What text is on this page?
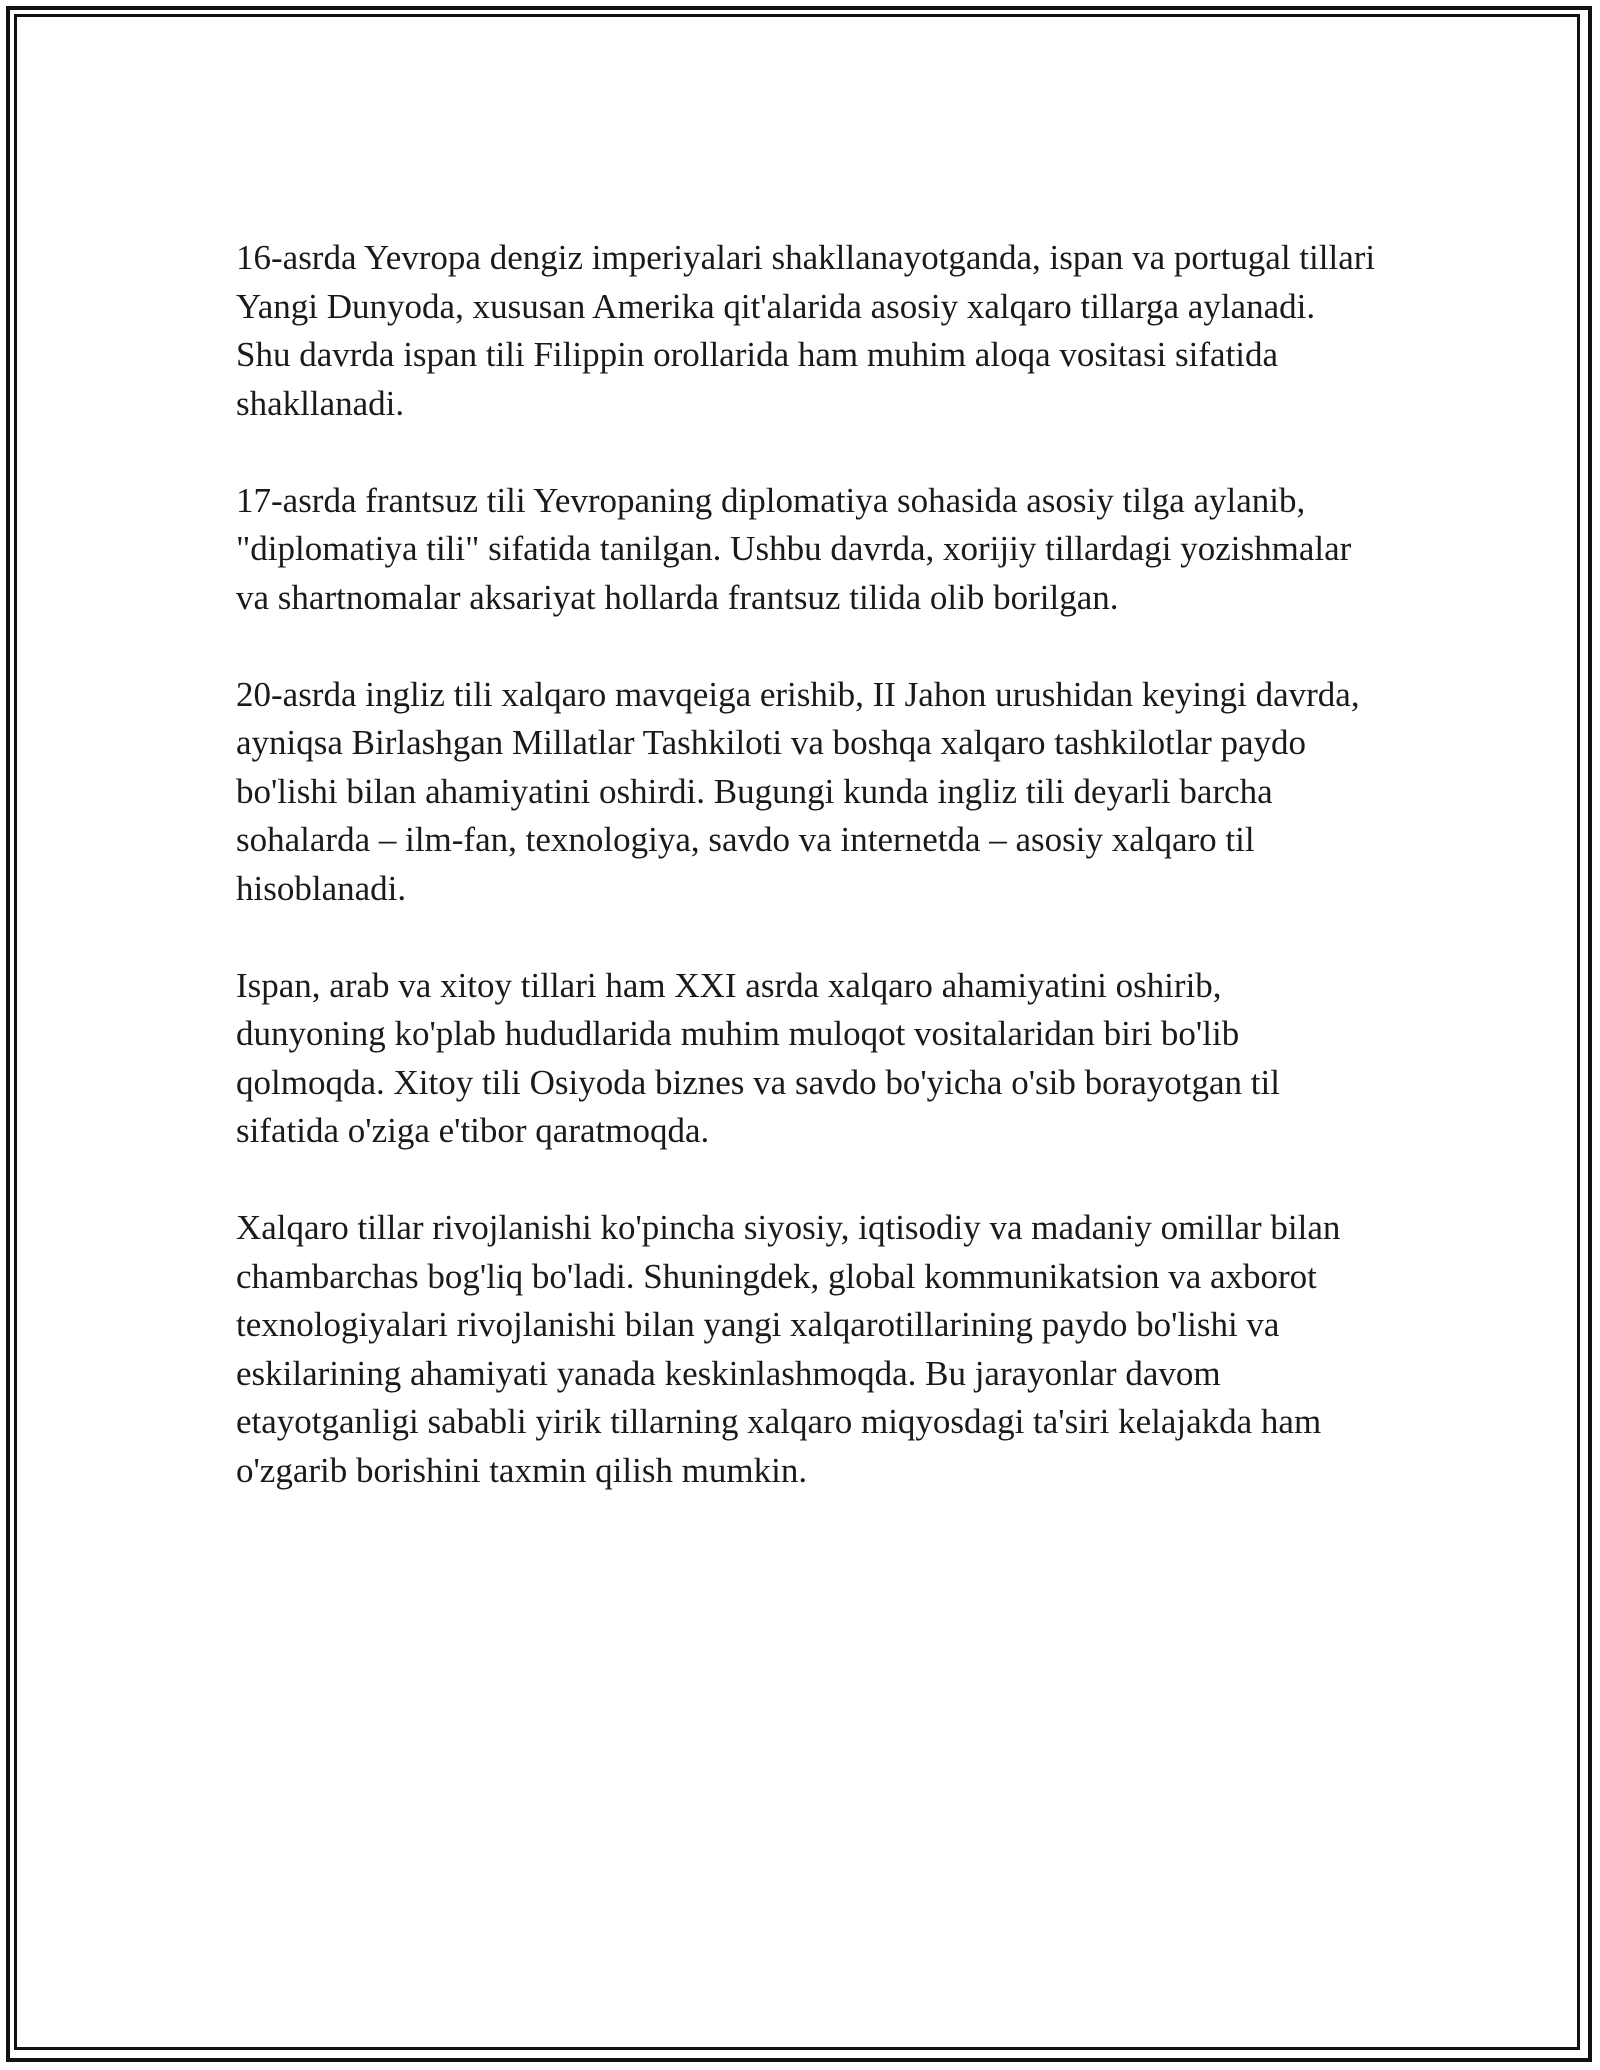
16-asrda Yevropa dengiz imperiyalari shakllanayotganda, ispan va portugal tillari Yangi Dunyoda, xususan Amerika qit'alarida asosiy xalqaro tillarga aylanadi. Shu davrda ispan tili Filippin orollarida ham muhim aloqa vositasi sifatida shakllanadi.

17-asrda frantsuz tili Yevropaning diplomatiya sohasida asosiy tilga aylanib, "diplomatiya tili" sifatida tanilgan. Ushbu davrda, xorijiy tillardagi yozishmalar va shartnomalar aksariyat hollarda frantsuz tilida olib borilgan.

20-asrda ingliz tili xalqaro mavqeiga erishib, II Jahon urushidan keyingi davrda, ayniqsa Birlashgan Millatlar Tashkiloti va boshqa xalqaro tashkilotlar paydo bo'lishi bilan ahamiyatini oshirdi. Bugungi kunda ingliz tili deyarli barcha sohalarda – ilm-fan, texnologiya, savdo va internetda – asosiy xalqaro til hisoblanadi.

Ispan, arab va xitoy tillari ham XXI asrda xalqaro ahamiyatini oshirib, dunyoning ko'plab hududlarida muhim muloqot vositalaridan biri bo'lib qolmoqda. Xitoy tili Osiyoda biznes va savdo bo'yicha o'sib borayotgan til sifatida o'ziga e'tibor qaratmoqda.

Xalqaro tillar rivojlanishi ko'pincha siyosiy, iqtisodiy va madaniy omillar bilan chambarchas bog'liq bo'ladi. Shuningdek, global kommunikatsion va axborot texnologiyalari rivojlanishi bilan yangi xalqarotillarining paydo bo'lishi va eskilarining ahamiyati yanada keskinlashmoqda. Bu jarayonlar davom etayotganligi sababli yirik tillarning xalqaro miqyosdagi ta'siri kelajakda ham o'zgarib borishini taxmin qilish mumkin.
